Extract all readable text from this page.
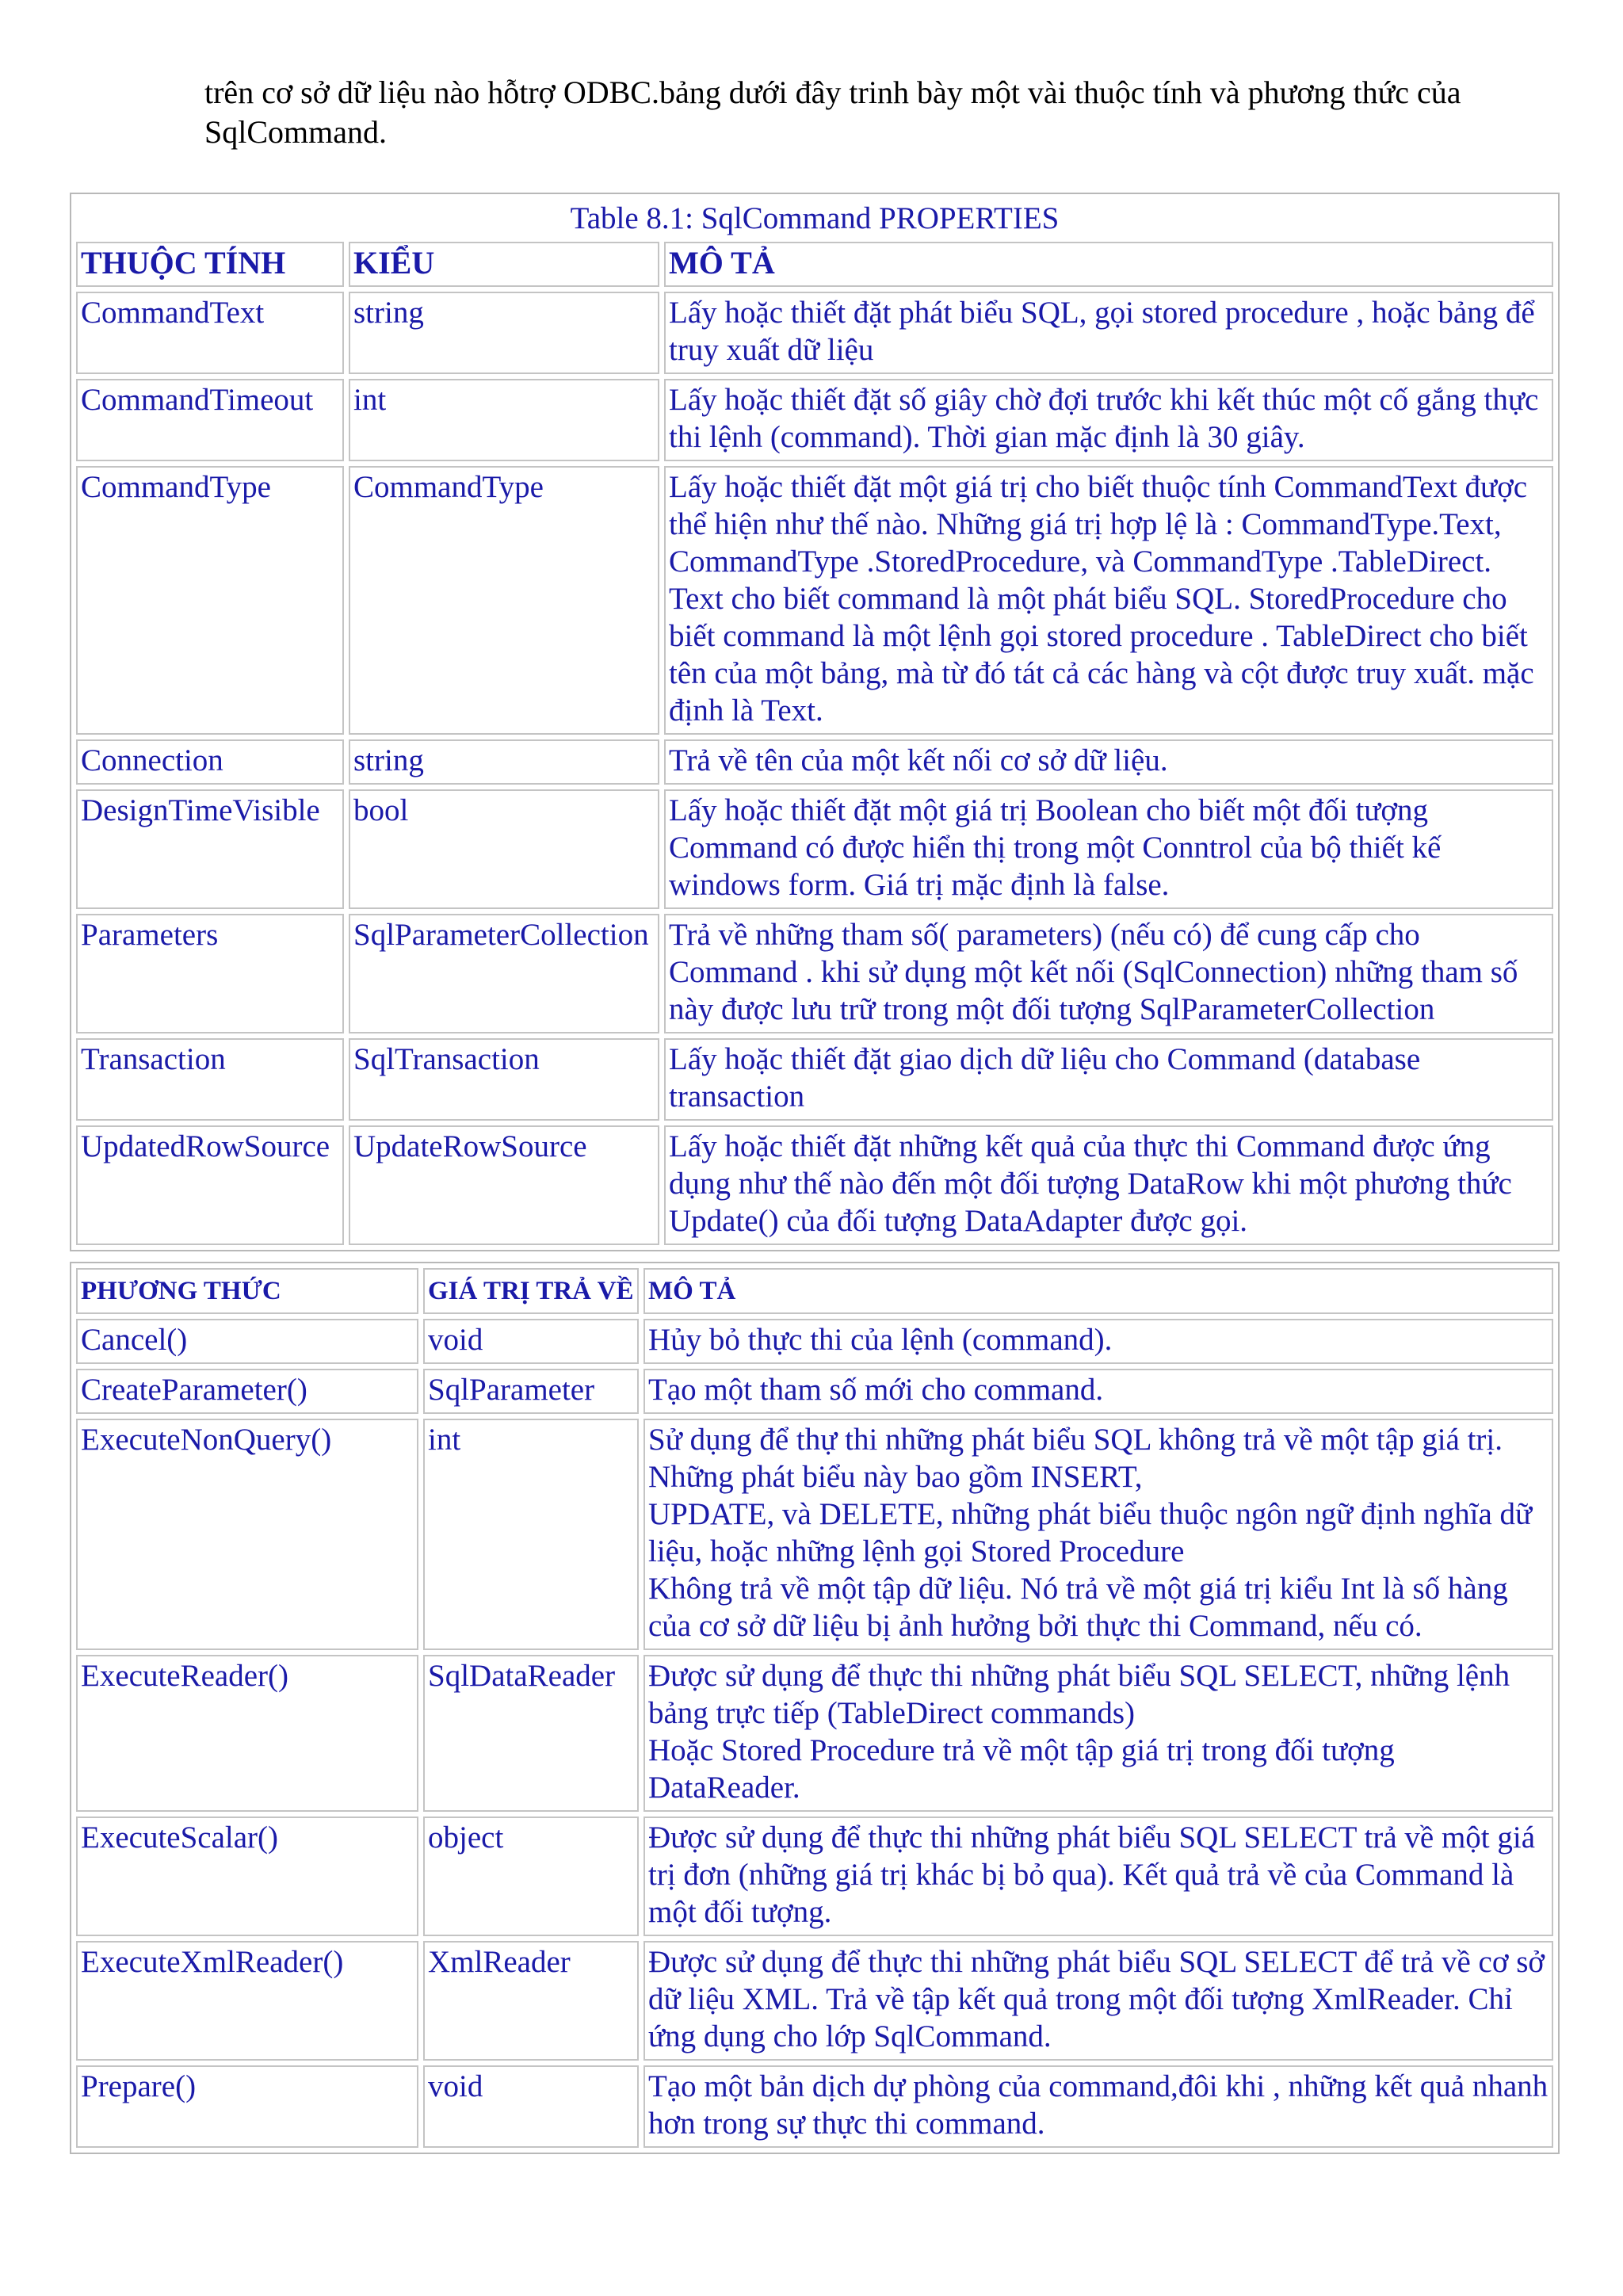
trên cơ sở dữ liệu nào hỗtrợ ODBC.bảng dưới đây trinh bày một vài thuộc tính và phương thức của SqlCommand.
Table 8.1: SqlCommand PROPERTIES		
THUỘC TÍNH	KIỂU	MÔ TẢ
CommandText	string	Lấy hoặc thiết đặt phát biểu SQL, gọi stored procedure , hoặc bảng để truy xuất dữ liệu
CommandTimeout	int	Lấy hoặc thiết đặt số giây chờ đợi trước khi kết thúc một cố gắng thực thi lệnh (command). Thời gian mặc định là 30 giây.
CommandType	CommandType	Lấy hoặc thiết đặt một giá trị cho biết thuộc tính CommandText được thể hiện như thế nào. Những giá trị hợp lệ là : CommandType.Text, CommandType .StoredProcedure, và CommandType .TableDirect. Text cho biết command là một phát biểu SQL. StoredProcedure cho biết command là một lệnh gọi stored procedure . TableDirect cho biết tên của một bảng, mà từ đó tát cả các hàng và cột được truy xuất. mặc định là Text.
Connection	string	Trả về tên của một kết nối cơ sở dữ liệu.
DesignTimeVisible	bool	Lấy hoặc thiết đặt một giá trị Boolean cho biết một đối tượng Command có được hiển thị trong một Conntrol của bộ thiết kế windows form. Giá trị mặc định là false.
Parameters	SqlParameterCollection	Trả về những tham số( parameters) (nếu có) để cung cấp cho Command . khi sử dụng một kết nối (SqlConnection) những tham số này được lưu trữ trong một đối tượng SqlParameterCollection
Transaction	SqlTransaction	Lấy hoặc thiết đặt giao dịch dữ liệu cho Command (database transaction
UpdatedRowSource	UpdateRowSource	Lấy hoặc thiết đặt những kết quả của thực thi Command được ứng dụng như thế nào đến một đối tượng DataRow khi một phương thức Update() của đối tượng DataAdapter được gọi.
PHƯƠNG THỨC	GIÁ TRỊ TRẢ VỀ	MÔ TẢ
Cancel()	void	Hủy bỏ thực thi của lệnh (command).
CreateParameter()	SqlParameter	Tạo một tham số mới cho command.
ExecuteNonQuery()	int	Sử dụng để thự thi những phát biểu SQL không trả về một tập giá trị. Những phát biểu này bao gồm INSERT,
UPDATE, và DELETE, những phát biểu thuộc ngôn ngữ định nghĩa dữ liệu, hoặc những lệnh gọi Stored Procedure
Không trả về một tập dữ liệu. Nó trả về một giá trị kiểu Int là số hàng của cơ sở dữ liệu bị ảnh hưởng bởi thực thi Command, nếu có.
ExecuteReader()	SqlDataReader	Được sử dụng để thực thi những phát biểu SQL SELECT, những lệnh bảng trực tiếp (TableDirect commands)
Hoặc Stored Procedure trả về một tập giá trị trong đối tượng DataReader.
ExecuteScalar()	object	Được sử dụng để thực thi những phát biểu SQL SELECT trả về một giá trị đơn (những giá trị khác bị bỏ qua). Kết quả trả về của Command là một đối tượng.
ExecuteXmlReader()	XmlReader	Được sử dụng để thực thi những phát biểu SQL SELECT để trả về cơ sở dữ liệu XML. Trả về tập kết quả trong một đối tượng XmlReader. Chỉ ứng dụng cho lớp SqlCommand.
Prepare()	void	Tạo một bản dịch dự phòng của command,đôi khi , những kết quả nhanh hơn trong sự thực thi command.
